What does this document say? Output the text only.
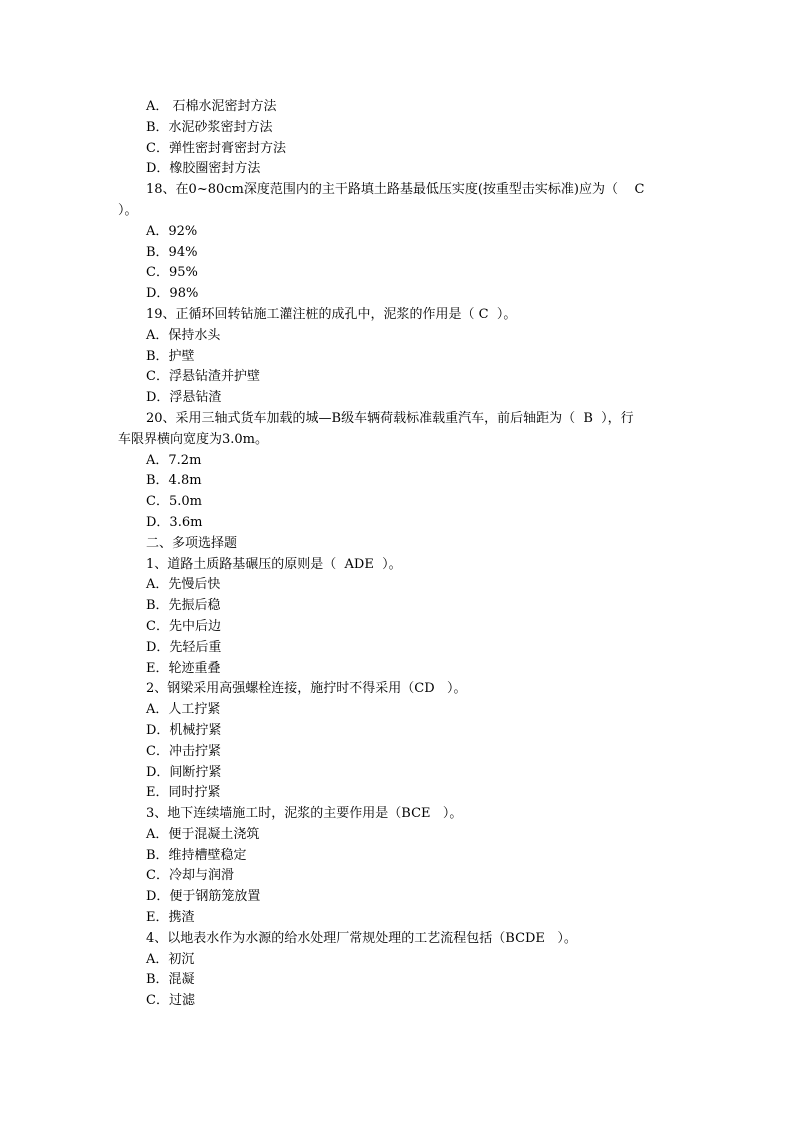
A． 石棉水泥密封方法
B．水泥砂浆密封方法
C．弹性密封膏密封方法
D．橡胶圈密封方法
18、在0~80cm深度范围内的主干路填土路基最低压实度(按重型击实标准)应为（    C
）。
A．92%
B．94%
C．95%
D．98%
19、正循环回转钻施工灌注桩的成孔中，泥浆的作用是（ C  ）。
A．保持水头
B．护壁
C．浮悬钻渣并护壁
D．浮悬钻渣
20、采用三轴式货车加载的城—B级车辆荷载标准载重汽车，前后轴距为（  B  ），行
车限界横向宽度为3.0m。
A．7.2m
B．4.8m
C．5.0m
D．3.6m
二、多项选择题
1、道路土质路基碾压的原则是（  ADE  ）。
A．先慢后快
B．先振后稳
C．先中后边
D．先轻后重
E．轮迹重叠
2、钢梁采用高强螺栓连接，施拧时不得采用（CD   ）。
A．人工拧紧
D．机械拧紧
C．冲击拧紧
D．间断拧紧
E．同时拧紧
3、地下连续墙施工时，泥浆的主要作用是（BCE   ）。
A．便于混凝土浇筑
B．维持槽壁稳定
C．冷却与润滑
D．便于钢筋笼放置
E．携渣
4、以地表水作为水源的给水处理厂常规处理的工艺流程包括（BCDE   ）。
A．初沉
B．混凝
C．过滤
